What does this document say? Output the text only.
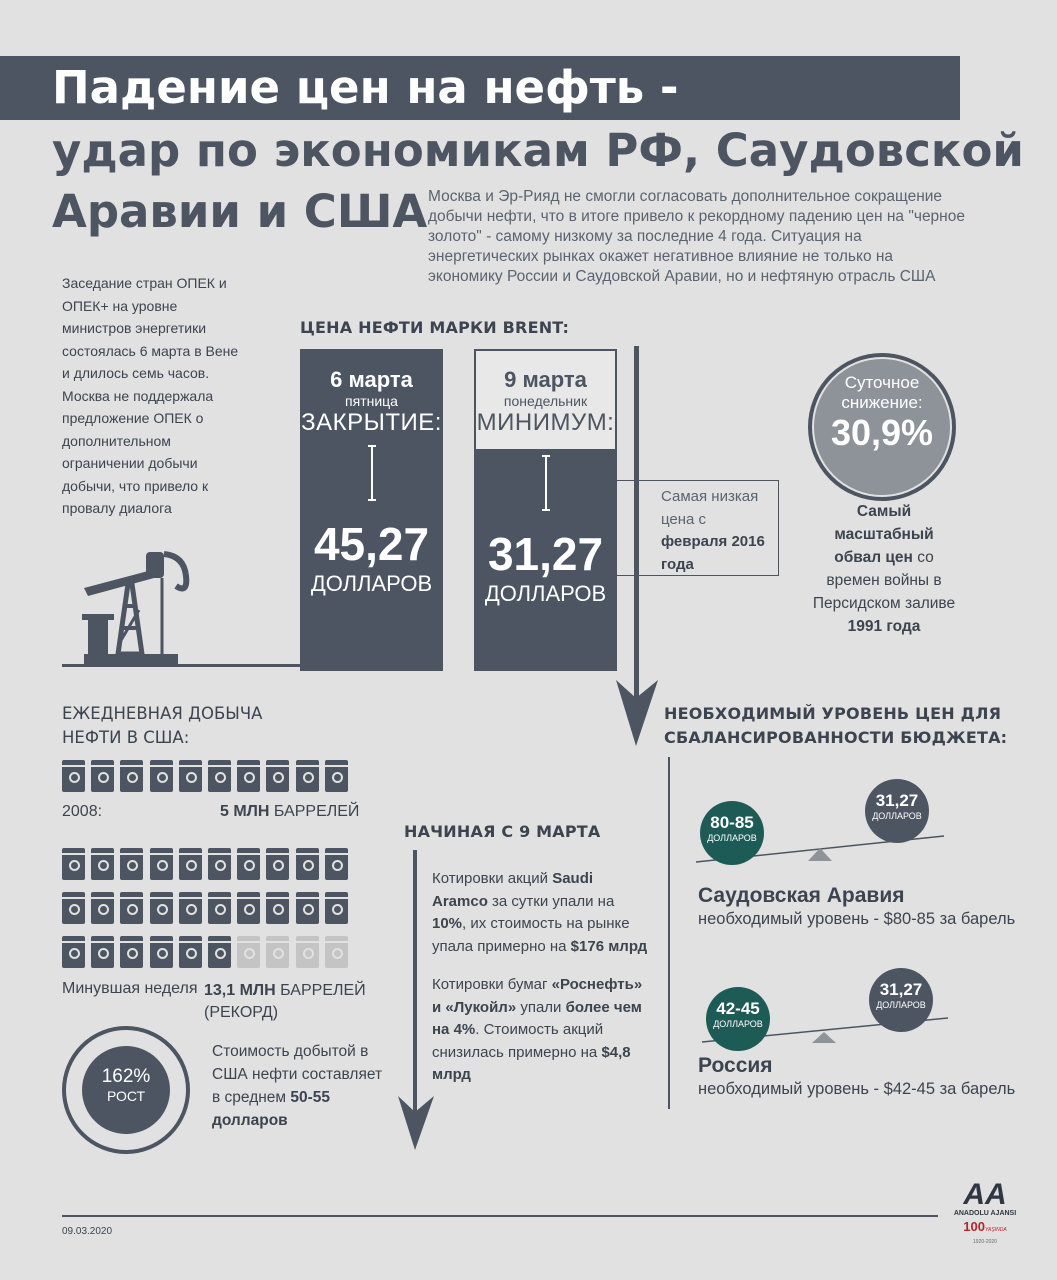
Падение цен на нефть -
удар по экономикам РФ, Саудовской
Аравии и США Москва и Эр-Рияд не смогли согласовать дополнительное сокращение добычи нефти, что в итоге привело к рекордному падению цен на "черное золото" - самому низкому за последние 4 года. Ситуация на энергетических рынках окажет негативное влияние не только на экономику России и Саудовской Аравии, но и нефтяную отрасль США
Заседание стран ОПЕК и ОПЕК+ на уровне министров энергетики состоялась 6 марта в Вене и длилось семь часов. Москва не поддержала предложение ОПЕК о дополнительном ограничении добычи добычи, что привело к провалу диалога
ЦЕНА НЕФТИ МАРКИ BRENT:
6 марта
пятница
ЗАКРЫТИЕ:
45,27
ДОЛЛАРОВ
9 марта
понедельник
МИНИМУМ:
31,27
ДОЛЛАРОВ
Самая низкая цена с февраля 2016 года
Суточное снижение:
30,9%
Самый масштабный обвал цен со времен войны в Персидском заливе 1991 года
ЕЖЕДНЕВНАЯ ДОБЫЧА
НЕФТИ В США:
2008:	5 МЛН БАРРЕЛЕЙ
Минувшая неделя 13,1 МЛН БАРРЕЛЕЙ
(РЕКОРД)
162%
РОСТ
Стоимость добытой в США нефти составляет в среднем 50-55 долларов
НАЧИНАЯ С 9 МАРТА
Котировки акций Saudi Aramco за сутки упали на 10%, их стоимость на рынке упала примерно на $176 млрд
Котировки бумаг «Роснефть» и «Лукойл» упали более чем на 4%. Стоимость акций снизилась примерно на $4,8 млрд
НЕОБХОДИМЫЙ УРОВЕНЬ ЦЕН ДЛЯ
СБАЛАНСИРОВАННОСТИ БЮДЖЕТА:
80-85
ДОЛЛАРОВ
31,27
ДОЛЛАРОВ
Саудовская Аравия
необходимый уровень - $80-85 за барель
42-45
ДОЛЛАРОВ
31,27
ДОЛЛАРОВ
Россия
необходимый уровень - $42-45 за барель
09.03.2020
AA
ANADOLU AJANSI
100YAŞINDA
1920-2020
